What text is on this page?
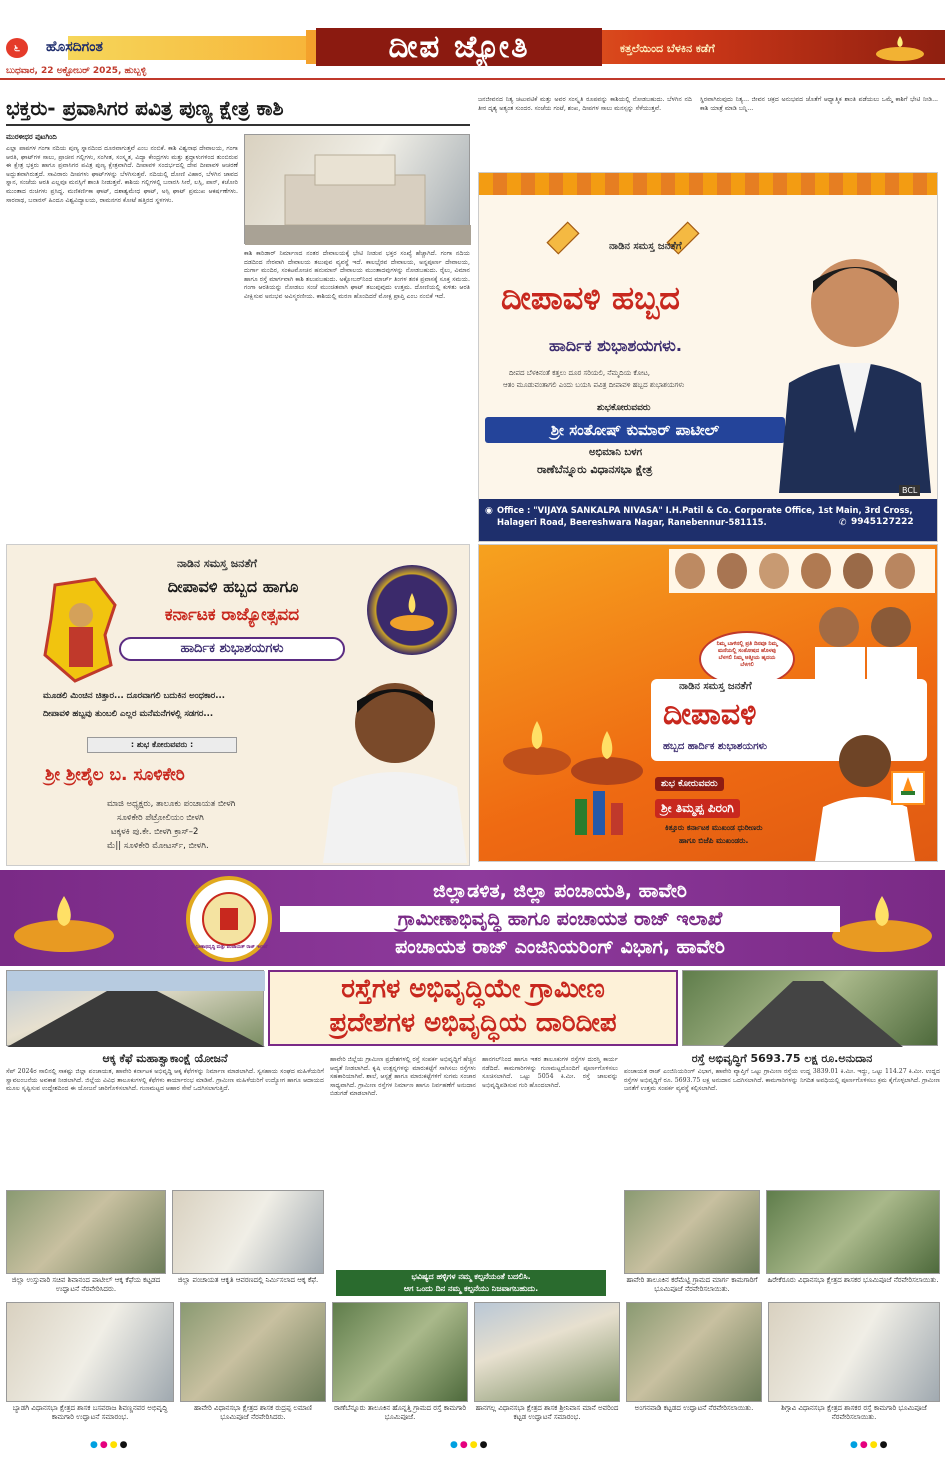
೬	ಹೊಸದಿಗಂತ	ದೀಪ ಜ್ಯೋತಿ	ಕತ್ತಲೆಯಿಂದ ಬೆಳಕಿನ ಕಡೆಗೆ
ಬುಧವಾರ, 22 ಅಕ್ಟೋಬರ್ 2025, ಹುಬ್ಬಳ್ಳಿ
ಭಕ್ತರು- ಪ್ರವಾಸಿಗರ ಪವಿತ್ರ ಪುಣ್ಯ ಕ್ಷೇತ್ರ ಕಾಶಿ
ಮುರಳೀಧರ ಪುಟಗಿಂದಿ
ಎಲ್ಲಾ ಪಾಪಗಳ ಗಂಗಾ ನದಿಯ ಪುಣ್ಯ ಸ್ನಾನದಿಂದ ದೂರವಾಗುತ್ತವೆ ಎಂಬ ನಂಬಿಕೆ. ಕಾಶಿ ವಿಶ್ವನಾಥ ದೇವಾಲಯ, ಗಂಗಾ ಆರತಿ, ಘಾಟ್‌ಗಳ ಸಾಲು, ಪ್ರಾಚೀನ ಗಲ್ಲಿಗಳು, ಸಂಗೀತ, ಸಂಸ್ಕೃತ, ವಿದ್ಯಾ ಕೇಂದ್ರಗಳು ಮತ್ತು ಶ್ರದ್ಧಾಳುಗಳಿಂದ ತುಂಬಿರುವ ಈ ಕ್ಷೇತ್ರ ಭಕ್ತರು ಹಾಗೂ ಪ್ರವಾಸಿಗರ ಪವಿತ್ರ ಪುಣ್ಯ ಕ್ಷೇತ್ರವಾಗಿದೆ. ದೀಪಾವಳಿ ಸಂದರ್ಭದಲ್ಲಿ ದೇವ ದೀಪಾವಳಿ ಆಚರಣೆ ಅದ್ಭುತವಾಗಿರುತ್ತದೆ. ಸಾವಿರಾರು ದೀಪಗಳು ಘಾಟ್‌ಗಳನ್ನು ಬೆಳಗಿಸುತ್ತವೆ. ನದಿಯಲ್ಲಿ ದೋಣಿ ವಿಹಾರ, ಬೆಳಗಿನ ಜಾವದ ಸ್ನಾನ, ಸಂಜೆಯ ಆರತಿ ಎಲ್ಲವೂ ಮನಸ್ಸಿಗೆ ಶಾಂತಿ ನೀಡುತ್ತವೆ. ಕಾಶಿಯ ಗಲ್ಲಿಗಳಲ್ಲಿ ಬನಾರಸಿ ಸೀರೆ, ಲಸ್ಸಿ, ಪಾನ್, ಕಚೋರಿ ಮುಂತಾದ ರುಚಿಗಳು ಪ್ರಸಿದ್ಧ. ಮಣಿಕರ್ಣಿಕಾ ಘಾಟ್, ದಶಾಶ್ವಮೇಧ ಘಾಟ್, ಅಸ್ಸಿ ಘಾಟ್ ಪ್ರಮುಖ ಆಕರ್ಷಣೆಗಳು. ಸಾರನಾಥ, ಬನಾರಸ್ ಹಿಂದೂ ವಿಶ್ವವಿದ್ಯಾಲಯ, ರಾಮನಗರ ಕೋಟೆ ಹತ್ತಿರದ ಸ್ಥಳಗಳು.
ಕಾಶಿ ಕಾರಿಡಾರ್ ನಿರ್ಮಾಣದ ನಂತರ ದೇವಾಲಯಕ್ಕೆ ಭೇಟಿ ನೀಡುವ ಭಕ್ತರ ಸಂಖ್ಯೆ ಹೆಚ್ಚಾಗಿದೆ. ಗಂಗಾ ನದಿಯ ದಡದಿಂದ ನೇರವಾಗಿ ದೇವಾಲಯ ತಲುಪುವ ವ್ಯವಸ್ಥೆ ಇದೆ. ಕಾಲಭೈರವ ದೇವಾಲಯ, ಅನ್ನಪೂರ್ಣ ದೇವಾಲಯ, ದುರ್ಗಾ ಮಂದಿರ, ಸಂಕಟಮೋಚನ ಹನುಮಾನ್ ದೇವಾಲಯ ಮುಂತಾದವುಗಳನ್ನು ನೋಡಬಹುದು. ರೈಲು, ವಿಮಾನ ಹಾಗೂ ರಸ್ತೆ ಮಾರ್ಗವಾಗಿ ಕಾಶಿ ತಲುಪಬಹುದು. ಅಕ್ಟೋಬರ್‌ನಿಂದ ಮಾರ್ಚ್ ತಿಂಗಳ ತನಕ ಪ್ರವಾಸಕ್ಕೆ ಸೂಕ್ತ ಸಮಯ. ಗಂಗಾ ಆರತಿಯನ್ನು ನೋಡಲು ಸಂಜೆ ಮುಂಚಿತವಾಗಿ ಘಾಟ್ ತಲುಪುವುದು ಉತ್ತಮ. ದೋಣಿಯಲ್ಲಿ ಕುಳಿತು ಆರತಿ ವೀಕ್ಷಿಸುವ ಅನುಭವ ಅವಿಸ್ಮರಣೀಯ. ಕಾಶಿಯಲ್ಲಿ ಮರಣ ಹೊಂದಿದರೆ ಮೋಕ್ಷ ಪ್ರಾಪ್ತಿ ಎಂಬ ನಂಬಿಕೆ ಇದೆ.
ಜನಜೀವನದ ನಿತ್ಯ ಚಟುವಟಿಕೆ ಮತ್ತು ಅವರ ಸಂಸ್ಕೃತಿ ರೂಪವನ್ನು ಕಾಶಿಯಲ್ಲಿ ನೋಡಬಹುದು. ಬೆಳಗಿನ ನದಿ ತೀರ ದೃಶ್ಯ ಅತ್ಯಂತ ಸುಂದರ. ಸಂಜೆಯ ಗಂಟೆ, ಶಂಖ, ದೀಪಗಳ ಸಾಲು ಮನಸ್ಸನ್ನು ಸೆಳೆಯುತ್ತವೆ.
ಸ್ಥಿರವಾಗಿರುವುದು ನಿತ್ಯ... ಜೀವನ ಚಕ್ರದ ಅನುಭವದ ಜೊತೆಗೆ ಆಧ್ಯಾತ್ಮಿಕ ಶಾಂತಿ ಪಡೆಯಲು ಒಮ್ಮೆ ಕಾಶಿಗೆ ಭೇಟಿ ನೀಡಿ... ಕಾಶಿ ಯಾತ್ರೆ ಮಾಡಿ ಬನ್ನಿ...
ನಾಡಿನ ಸಮಸ್ತ ಜನತೆಗೆ
ದೀಪಾವಳಿ ಹಬ್ಬದ
ಹಾರ್ದಿಕ ಶುಭಾಶಯಗಳು.
ದೀಪದ ಬೆಳಕಿನಂತೆ ಕತ್ತಲು ದೂರ ಸರಿಯಲಿ, ನೆಮ್ಮದಿಯ ಕೋಟ,
ಆತಂ ಮೂಡುವಂತಾಗಲಿ ಎಂದು ಬಯಸಿ ಪವಿತ್ರ ದೀಪಾವಳಿ ಹಬ್ಬದ ಶುಭಾಶಯಗಳು
ಶುಭಕೋರುವವರು
ಶ್ರೀ ಸಂತೋಷ್ ಕುಮಾರ್ ಪಾಟೀಲ್
ಅಭಿಮಾನಿ ಬಳಗ
ರಾಣೆಬೆನ್ನೂರು ವಿಧಾನಸಭಾ ಕ್ಷೇತ್ರ
BCL
◉ Office : "VIJAYA SANKALPA NIVASA" I.H.Patil & Co. Corporate Office, 1st Main, 3rd Cross, Halageri Road, Beereshwara Nagar, Ranebennur-581115.	✆ 9945127222
ನಾಡಿನ ಸಮಸ್ತ ಜನತೆಗೆ
ದೀಪಾವಳಿ ಹಬ್ಬದ ಹಾಗೂ
ಕರ್ನಾಟಕ ರಾಜ್ಯೋತ್ಸವದ
ಹಾರ್ದಿಕ ಶುಭಾಶಯಗಳು
ಮೂಡಲಿ ಮಿಂಚಿನ ಚಿತ್ತಾರ... ದೂರವಾಗಲಿ ಬದುಕಿನ ಅಂಧಕಾರ...
ದೀಪಾವಳಿ ಹಬ್ಬವು ತುಂಬಲಿ ಎಲ್ಲರ ಮನೆಮನೆಗಳಲ್ಲಿ ಸಡಗರ...
: ಶುಭ ಕೋರುವವರು :
ಶ್ರೀ ಶ್ರೀಶೈಲ ಬ. ಸೂಳಿಕೇರಿ
ಮಾಜಿ ಅಧ್ಯಕ್ಷರು, ತಾಲೂಕು ಪಂಚಾಯತ ಬೀಳಗಿ
ಸೂಳಿಕೇರಿ ಪೆಟ್ರೋಲಿಯಂ ಬೀಳಗಿ
ಟಕ್ಕಳಕಿ ಪು.ಕೇ. ಬೀಳಗಿ ಕ್ರಾಸ್–2
ಮೆ|| ಸೂಳಿಕೇರಿ ಮೋಟರ್ಸ್, ಬೀಳಗಿ.
ನಿಮ್ಮ ಬಾಳಿನಲ್ಲಿ ಪ್ರತಿ ದಿನವೂ ನಿಮ್ಮ ಮನೆಯಲ್ಲಿ ಸಂತೋಷದ ಹೊಳಪು ಬೆಳಗಲಿ ನಿಮ್ಮ ಆತ್ಮೀಯ ಹೃದಯ ಬೆಳಗಲಿ
ನಾಡಿನ ಸಮಸ್ತ ಜನತೆಗೆ
ದೀಪಾವಳಿ
ಹಬ್ಬದ ಹಾರ್ದಿಕ ಶುಭಾಶಯಗಳು
ಶುಭ ಕೋರುವವರು
ಶ್ರೀ ತಿಮ್ಮಪ್ಪ ಪಿರಂಗಿ
ಕಿತ್ತೂರು ಕರ್ನಾಟಕ ಮುಖಂಡ ಧುರೀಣರು
ಹಾಗೂ ಬಿಜೆಪಿ ಮುಖಂಡರು.
ಗ್ರಾಮೀಣಾಭಿವೃದ್ಧಿ ಮತ್ತು ಪಂಚಾಯತ್ ರಾಜ್ ಇಲಾಖೆ
ಜಿಲ್ಲಾಡಳಿತ, ಜಿಲ್ಲಾ ಪಂಚಾಯತಿ, ಹಾವೇರಿ
ಗ್ರಾಮೀಣಾಭಿವೃದ್ಧಿ ಹಾಗೂ ಪಂಚಾಯತ ರಾಜ್ ಇಲಾಖೆ
ಪಂಚಾಯತ ರಾಜ್ ಎಂಜಿನಿಯರಿಂಗ್ ವಿಭಾಗ, ಹಾವೇರಿ
ರಸ್ತೆಗಳ ಅಭಿವೃದ್ಧಿಯೇ ಗ್ರಾಮೀಣ
ಪ್ರದೇಶಗಳ ಅಭಿವೃದ್ಧಿಯ ದಾರಿದೀಪ
ಆಕ್ಕ ಕೆಫೆ ಮಹಾತ್ವಾಕಾಂಕ್ಷೆ ಯೋಜನೆ
ಸೆಪ್ 2024ರ ಸಾಲಿನಲ್ಲಿ ಸಾಕಷ್ಟು ಜಿಲ್ಲಾ ಪಂಚಾಯತ, ಹಾವೇರಿ ಕರ್ನಾಟಕ ಅಭಿವೃದ್ಧಿ ಆಕ್ಕ ಕೆಫೆಗಳನ್ನು ನಿರ್ಮಾಣ ಮಾಡಲಾಗಿದೆ. ಸ್ವಸಹಾಯ ಸಂಘದ ಮಹಿಳೆಯರಿಗೆ ಸ್ವಾವಲಂಬನೆಯ ಅವಕಾಶ ನೀಡಲಾಗಿದೆ. ಜಿಲ್ಲೆಯ ವಿವಿಧ ತಾಲೂಕುಗಳಲ್ಲಿ ಕೆಫೆಗಳು ಕಾರ್ಯಾರಂಭ ಮಾಡಿವೆ. ಗ್ರಾಮೀಣ ಮಹಿಳೆಯರಿಗೆ ಉದ್ಯೋಗ ಹಾಗೂ ಆದಾಯದ ಮೂಲ ಸೃಷ್ಟಿಸುವ ಉದ್ದೇಶದಿಂದ ಈ ಯೋಜನೆ ಜಾರಿಗೊಳಿಸಲಾಗಿದೆ. ಗುಣಮಟ್ಟದ ಆಹಾರ ಸೇವೆ ಒದಗಿಸಲಾಗುತ್ತಿದೆ.
ಹಾವೇರಿ ಜಿಲ್ಲೆಯ ಗ್ರಾಮೀಣ ಪ್ರದೇಶಗಳಲ್ಲಿ ರಸ್ತೆ ಸಂಪರ್ಕ ಅಭಿವೃದ್ಧಿಗೆ ಹೆಚ್ಚಿನ ಆದ್ಯತೆ ನೀಡಲಾಗಿದೆ. ಕೃಷಿ ಉತ್ಪನ್ನಗಳನ್ನು ಮಾರುಕಟ್ಟೆಗೆ ಸಾಗಿಸಲು ರಸ್ತೆಗಳು ಸಹಕಾರಿಯಾಗಿವೆ. ಶಾಲೆ, ಆಸ್ಪತ್ರೆ ಹಾಗೂ ಮಾರುಕಟ್ಟೆಗಳಿಗೆ ಸುಗಮ ಸಂಚಾರ ಸಾಧ್ಯವಾಗಿದೆ. ಗ್ರಾಮೀಣ ರಸ್ತೆಗಳ ನಿರ್ಮಾಣ ಹಾಗೂ ನಿರ್ವಹಣೆಗೆ ಅನುದಾನ ಬಿಡುಗಡೆ ಮಾಡಲಾಗಿದೆ.
ಹಾನಗಲ್‌ನಿಂದ ಹಾಗೂ ಇತರ ತಾಲೂಕುಗಳ ರಸ್ತೆಗಳ ದುರಸ್ತಿ ಕಾರ್ಯ ನಡೆದಿದೆ. ಕಾಮಗಾರಿಗಳನ್ನು ಗುಣಮಟ್ಟದೊಂದಿಗೆ ಪೂರ್ಣಗೊಳಿಸಲು ಸೂಚಿಸಲಾಗಿದೆ. ಒಟ್ಟು 5054 ಕಿ.ಮೀ. ರಸ್ತೆ ಜಾಲವನ್ನು ಅಭಿವೃದ್ಧಿಪಡಿಸುವ ಗುರಿ ಹೊಂದಲಾಗಿದೆ.
ರಸ್ತೆ ಅಭಿವೃದ್ಧಿಗೆ 5693.75 ಲಕ್ಷ ರೂ.ಅನುದಾನ
ಪಂಚಾಯತ ರಾಜ್ ಎಂಜಿನಿಯರಿಂಗ್ ವಿಭಾಗ, ಹಾವೇರಿ ವ್ಯಾಪ್ತಿಗೆ ಒಟ್ಟು ಗ್ರಾಮೀಣ ರಸ್ತೆಯ ಉದ್ದ 3839.01 ಕಿ.ಮೀ. ಇದ್ದು, ಒಟ್ಟು 114.27 ಕಿ.ಮೀ. ಉದ್ದದ ರಸ್ತೆಗಳ ಅಭಿವೃದ್ಧಿಗೆ ರೂ. 5693.75 ಲಕ್ಷ ಅನುದಾನ ಒದಗಿಸಲಾಗಿದೆ. ಕಾಮಗಾರಿಗಳನ್ನು ನಿಗದಿತ ಅವಧಿಯಲ್ಲಿ ಪೂರ್ಣಗೊಳಿಸಲು ಕ್ರಮ ಕೈಗೊಳ್ಳಲಾಗಿದೆ. ಗ್ರಾಮೀಣ ಜನತೆಗೆ ಉತ್ತಮ ಸಂಪರ್ಕ ವ್ಯವಸ್ಥೆ ಕಲ್ಪಿಸಲಾಗಿದೆ.
ಭವಿಷ್ಯದ ಹಳ್ಳಿಗಳ ನಮ್ಮ ಕಲ್ಪನೆಯಂತೆ ಬದಲಿಸಿ.
ಆಗ ಒಂದು ದಿನ ನಮ್ಮ ಕಲ್ಪನೆಯು ನಿಜವಾಗಬಹುದು.
ಜಿಲ್ಲಾ ಉಸ್ತುವಾರಿ ಸಚಿವ ಶಿವಾನಂದ ಪಾಟೀಲ್ ಆಕ್ಕ ಕೆಫೆಯ ಕಟ್ಟಡದ ಉದ್ಘಾಟನೆ ನೆರವೇರಿಸಿದರು.
ಜಿಲ್ಲಾ ಪಂಚಾಯತ ಆಕೃತಿ ಆವರಣದಲ್ಲಿ ನಿರ್ಮಿಸಲಾದ ಆಕ್ಕ ಕೆಫೆ.	ಹಾವೇರಿ ತಾಲೂಕಿನ ಕರೆಮೆಟ್ಟಿ ಗ್ರಾಮದ ಮಾರ್ಗ ಕಾಮಗಾರಿಗೆ ಭೂಮಿಪೂಜೆ ನೆರವೇರಿಸಲಾಯಿತು.
ಹಿರೇಕೆರೂರು ವಿಧಾನಸಭಾ ಕ್ಷೇತ್ರದ ಶಾಸಕರ ಭೂಮಿಪೂಜೆ ನೆರವೇರಿಸಲಾಯಿತು.
ಬ್ಯಾಡಗಿ ವಿಧಾನಸಭಾ ಕ್ಷೇತ್ರದ ಶಾಸಕ ಬಸವರಾಜ ಶಿವಣ್ಣನವರ ಅಭಿವೃದ್ಧಿ ಕಾಮಗಾರಿ ಉದ್ಘಾಟನೆ ಸಮಾರಂಭ.
ಹಾವೇರಿ ವಿಧಾನಸಭಾ ಕ್ಷೇತ್ರದ ಶಾಸಕ ರುದ್ರಪ್ಪ ಲಮಾಣಿ ಭೂಮಿಪೂಜೆ ನೆರವೇರಿಸಿದರು.
ರಾಣೆಬೆನ್ನೂರು ತಾಲೂಕಿನ ಹೊನ್ನತ್ತಿ ಗ್ರಾಮದ ರಸ್ತೆ ಕಾಮಗಾರಿ ಭೂಮಿಪೂಜೆ.
ಹಾನಗಲ್ಲ ವಿಧಾನಸಭಾ ಕ್ಷೇತ್ರದ ಶಾಸಕ ಶ್ರೀನಿವಾಸ ಮಾನೆ ಅವರಿಂದ ಕಟ್ಟಡ ಉದ್ಘಾಟನೆ ಸಮಾರಂಭ.
ಅಂಗನವಾಡಿ ಕಟ್ಟಡದ ಉದ್ಘಾಟನೆ ನೆರವೇರಿಸಲಾಯಿತು.	ಶಿಗ್ಗಾವಿ ವಿಧಾನಸಭಾ ಕ್ಷೇತ್ರದ ಶಾಸಕರ ರಸ್ತೆ ಕಾಮಗಾರಿ ಭೂಮಿಪೂಜೆ ನೆರವೇರಿಸಲಾಯಿತು.
●●●●	●●●●	●●●●
